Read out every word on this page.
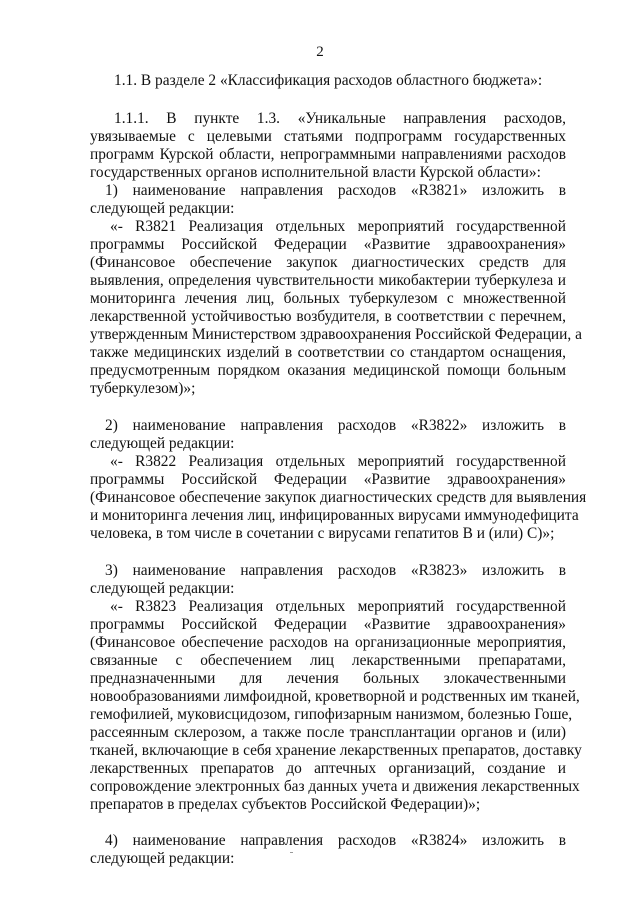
2
1.1. В разделе 2 «Классификация расходов областного бюджета»:
1.1.1. В пункте 1.3. «Уникальные направления расходов,
увязываемые с целевыми статьями подпрограмм государственных
программ Курской области, непрограммными направлениями расходов
государственных органов исполнительной власти Курской области»:
1) наименование направления расходов «R3821» изложить в
следующей редакции:
«- R3821 Реализация отдельных мероприятий государственной
программы Российской Федерации «Развитие здравоохранения»
(Финансовое обеспечение закупок диагностических средств для
выявления, определения чувствительности микобактерии туберкулеза и
мониторинга лечения лиц, больных туберкулезом с множественной
лекарственной устойчивостью возбудителя, в соответствии с перечнем,
утвержденным Министерством здравоохранения Российской Федерации, а
также медицинских изделий в соответствии со стандартом оснащения,
предусмотренным порядком оказания медицинской помощи больным
туберкулезом)»;
2) наименование направления расходов «R3822» изложить в
следующей редакции:
«- R3822 Реализация отдельных мероприятий государственной
программы Российской Федерации «Развитие здравоохранения»
(Финансовое обеспечение закупок диагностических средств для выявления
и мониторинга лечения лиц, инфицированных вирусами иммунодефицита
человека, в том числе в сочетании с вирусами гепатитов В и (или) С)»;
3) наименование направления расходов «R3823» изложить в
следующей редакции:
«- R3823 Реализация отдельных мероприятий государственной
программы Российской Федерации «Развитие здравоохранения»
(Финансовое обеспечение расходов на организационные мероприятия,
связанные с обеспечением лиц лекарственными препаратами,
предназначенными для лечения больных злокачественными
новообразованиями лимфоидной, кроветворной и родственных им тканей,
гемофилией, муковисцидозом, гипофизарным нанизмом, болезнью Гоше,
рассеянным склерозом, а также после трансплантации органов и (или)
тканей, включающие в себя хранение лекарственных препаратов, доставку
лекарственных препаратов до аптечных организаций, создание и
сопровождение электронных баз данных учета и движения лекарственных
препаратов в пределах субъектов Российской Федерации)»;
4) наименование направления расходов «R3824» изложить в
следующей редакции:
